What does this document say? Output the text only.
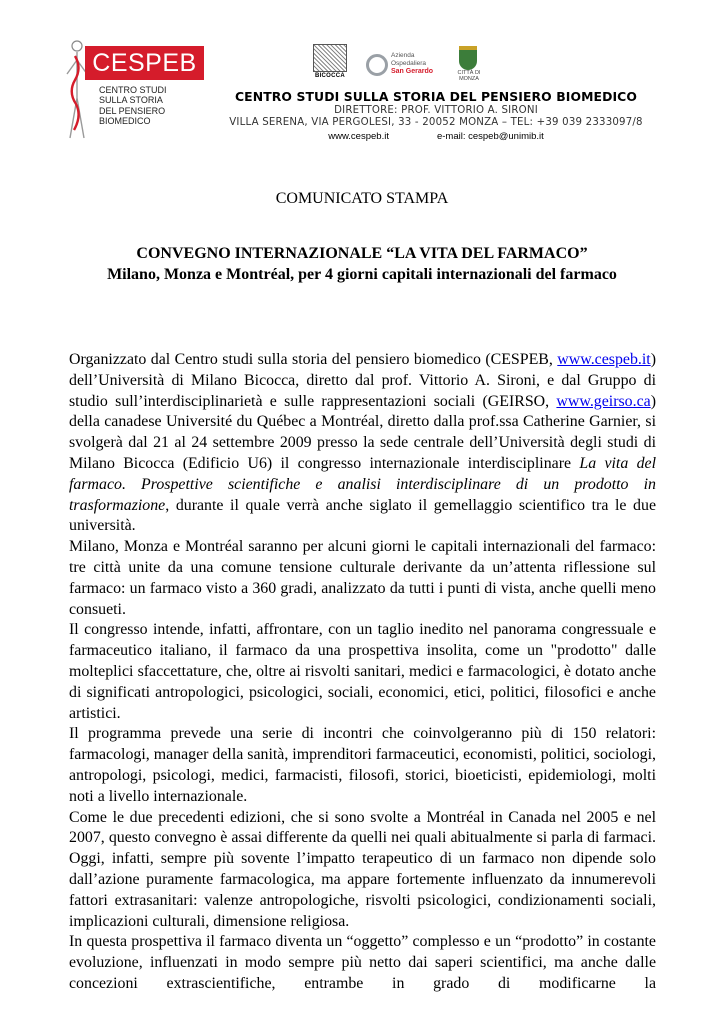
CESPEB
CENTRO STUDI
SULLA STORIA
DEL PENSIERO
BIOMEDICO
BICOCCA
Azienda
Ospedaliera
San Gerardo	CITTÀ DI MONZA
CENTRO STUDI SULLA STORIA DEL PENSIERO BIOMEDICO
DIRETTORE: PROF. VITTORIO A. SIRONI
VILLA SERENA, VIA PERGOLESI, 33 - 20052 MONZA – TEL: +39 039 2333097/8
www.cespeb.it	e-mail: cespeb@unimib.it
COMUNICATO STAMPA
CONVEGNO INTERNAZIONALE “LA VITA DEL FARMACO”
Milano, Monza e Montréal, per 4 giorni capitali internazionali del farmaco

Organizzato dal Centro studi sulla storia del pensiero biomedico (CESPEB, www.cespeb.it) dell’Università di Milano Bicocca, diretto dal prof. Vittorio A. Sironi, e dal Gruppo di studio sull’interdisciplinarietà e sulle rappresentazioni sociali (GEIRSO, www.geirso.ca) della canadese Université du Québec a Montréal, diretto dalla prof.ssa Catherine Garnier, si svolgerà dal 21 al 24 settembre 2009 presso la sede centrale dell’Università degli studi di Milano Bicocca (Edificio U6) il congresso internazionale interdisciplinare La vita del farmaco. Prospettive scientifiche e analisi interdisciplinare di un prodotto in trasformazione, durante il quale verrà anche siglato il gemellaggio scientifico tra le due università.

Milano, Monza e Montréal saranno per alcuni giorni le capitali internazionali del farmaco: tre città unite da una comune tensione culturale derivante da un’attenta riflessione sul farmaco: un farmaco visto a 360 gradi, analizzato da tutti i punti di vista, anche quelli meno consueti.

Il congresso intende, infatti, affrontare, con un taglio inedito nel panorama congressuale e farmaceutico italiano, il farmaco da una prospettiva insolita, come un "prodotto" dalle molteplici sfaccettature, che, oltre ai risvolti sanitari, medici e farmacologici, è dotato anche di significati antropologici, psicologici, sociali, economici, etici, politici, filosofici e anche artistici.

Il programma prevede una serie di incontri che coinvolgeranno più di 150 relatori: farmacologi, manager della sanità, imprenditori farmaceutici, economisti, politici, sociologi, antropologi, psicologi, medici, farmacisti, filosofi, storici, bioeticisti, epidemiologi, molti noti a livello internazionale.

Come le due precedenti edizioni, che si sono svolte a Montréal in Canada nel 2005 e nel 2007, questo convegno è assai differente da quelli nei quali abitualmente si parla di farmaci. Oggi, infatti, sempre più sovente l’impatto terapeutico di un farmaco non dipende solo dall’azione puramente farmacologica, ma appare fortemente influenzato da innumerevoli fattori extrasanitari: valenze antropologiche, risvolti psicologici, condizionamenti sociali, implicazioni culturali, dimensione religiosa.

In questa prospettiva il farmaco diventa un “oggetto” complesso e un “prodotto” in costante evoluzione, influenzati in modo sempre più netto dai saperi scientifici, ma anche dalle concezioni extrascientifiche, entrambe in grado di modificarne la
